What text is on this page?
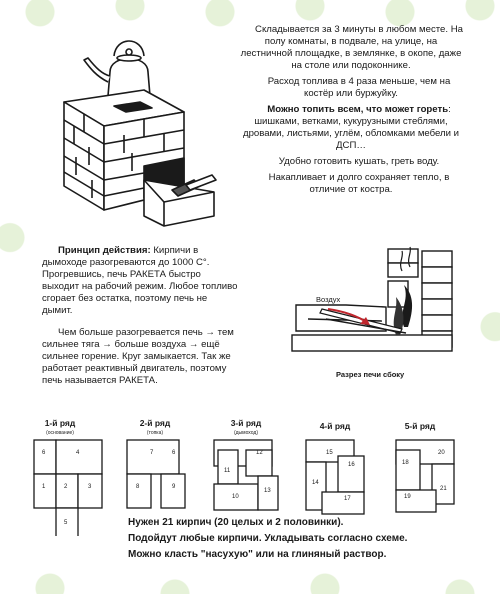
Складывается за 3 минуты в любом месте. На полу комнаты, в подвале, на улице, на лестничной площадке, в землянке, в окопе, даже на столе или подоконнике.

Расход топлива в 4 раза меньше, чем на костёр или буржуйку.

Можно топить всем, что может гореть: шишками, ветками, кукурузными стеблями, дровами, листьями, углём, обломками мебели и ДСП…

Удобно готовить кушать, греть воду.

Накапливает и долго сохраняет тепло, в отличие от костра.

Принцип действия: Кирпичи в дымоходе разогреваются до 1000 С°. Прогревшись, печь РАКЕТА быстро выходит на рабочий режим. Любое топливо сгорает без остатка, поэтому печь не дымит.

Чем больше разогревается печь → тем сильнее тяга → больше воздуха → ещё сильнее горение. Круг замыкается. Так же работает реактивный двигатель, поэтому печь называется РАКЕТА.

Воздух
Разрез печи сбоку
1-й ряд
(основание)
2-й ряд
(топка)
3-й ряд
(дымоход)
4-й ряд	5-й ряд
6	4
1	2	3
5
7	6
8	9
11
12
13
10
15
14
16
17
18
20
19
21
Нужен 21 кирпич (20 целых и 2 половинки).
Подойдут любые кирпичи. Укладывать согласно схеме.
Можно класть "насухую" или на глиняный раствор.
